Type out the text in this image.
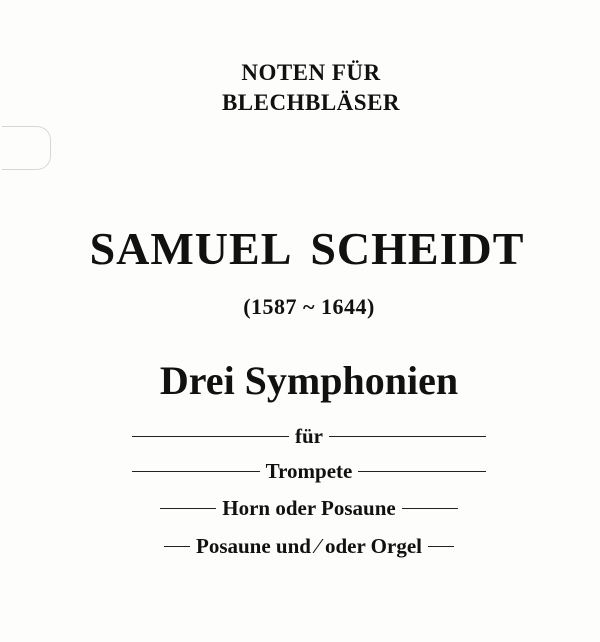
NOTEN FÜR
BLECHBLÄSER
SAMUEL SCHEIDT
(1587 ~ 1644)
Drei Symphonien
für
Trompete
Horn oder Posaune
Posaune und ⁄ oder Orgel
